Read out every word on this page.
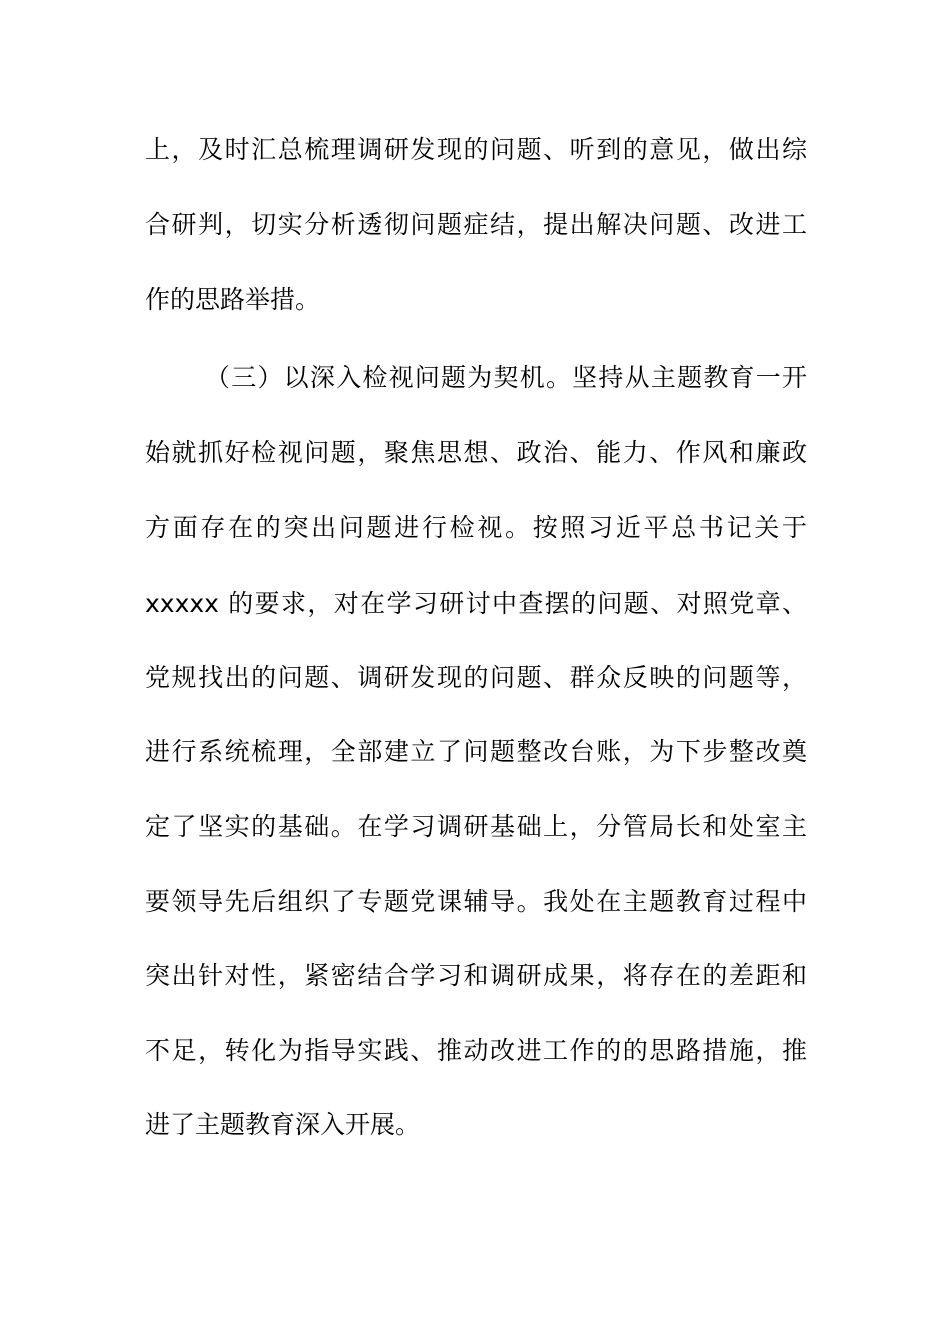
上，及时汇总梳理调研发现的问题、听到的意见，做出综
合研判，切实分析透彻问题症结，提出解决问题、改进工
作的思路举措。
（三）以深入检视问题为契机。坚持从主题教育一开
始就抓好检视问题，聚焦思想、政治、能力、作风和廉政
方面存在的突出问题进行检视。按照习近平总书记关于
xxxxx 的要求，对在学习研讨中查摆的问题、对照党章、
党规找出的问题、调研发现的问题、群众反映的问题等，
进行系统梳理，全部建立了问题整改台账，为下步整改奠
定了坚实的基础。在学习调研基础上，分管局长和处室主
要领导先后组织了专题党课辅导。我处在主题教育过程中
突出针对性，紧密结合学习和调研成果，将存在的差距和
不足，转化为指导实践、推动改进工作的的思路措施，推
进了主题教育深入开展。
